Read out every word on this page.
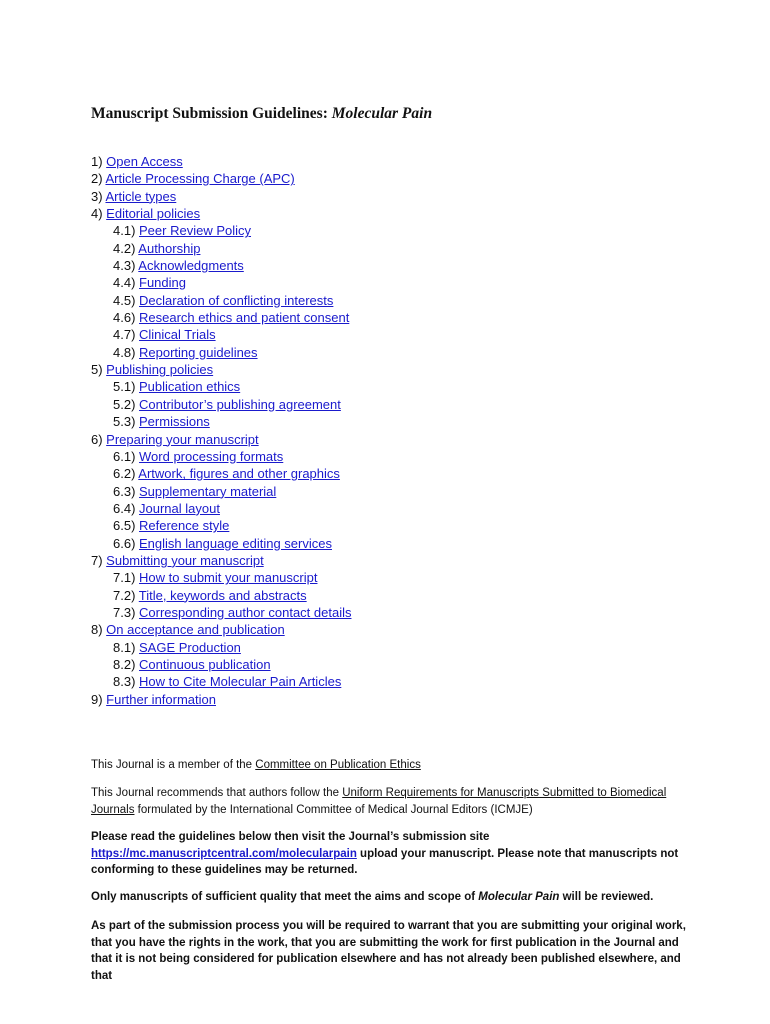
Manuscript Submission Guidelines: Molecular Pain
1) Open Access
2) Article Processing Charge (APC)
3) Article types
4) Editorial policies
4.1) Peer Review Policy
4.2) Authorship
4.3) Acknowledgments
4.4) Funding
4.5) Declaration of conflicting interests
4.6) Research ethics and patient consent
4.7) Clinical Trials
4.8) Reporting guidelines
5) Publishing policies
5.1) Publication ethics
5.2) Contributor’s publishing agreement
5.3) Permissions
6) Preparing your manuscript
6.1) Word processing formats
6.2) Artwork, figures and other graphics
6.3) Supplementary material
6.4) Journal layout
6.5) Reference style
6.6) English language editing services
7) Submitting your manuscript
7.1) How to submit your manuscript
7.2) Title, keywords and abstracts
7.3) Corresponding author contact details
8) On acceptance and publication
8.1) SAGE Production
8.2) Continuous publication
8.3) How to Cite Molecular Pain Articles
9) Further information
This Journal is a member of the Committee on Publication Ethics
This Journal recommends that authors follow the Uniform Requirements for Manuscripts Submitted to Biomedical Journals formulated by the International Committee of Medical Journal Editors (ICMJE)
Please read the guidelines below then visit the Journal’s submission site https://mc.manuscriptcentral.com/molecularpain upload your manuscript. Please note that manuscripts not conforming to these guidelines may be returned.
Only manuscripts of sufficient quality that meet the aims and scope of Molecular Pain will be reviewed.
As part of the submission process you will be required to warrant that you are submitting your original work, that you have the rights in the work, that you are submitting the work for first publication in the Journal and that it is not being considered for publication elsewhere and has not already been published elsewhere, and that
